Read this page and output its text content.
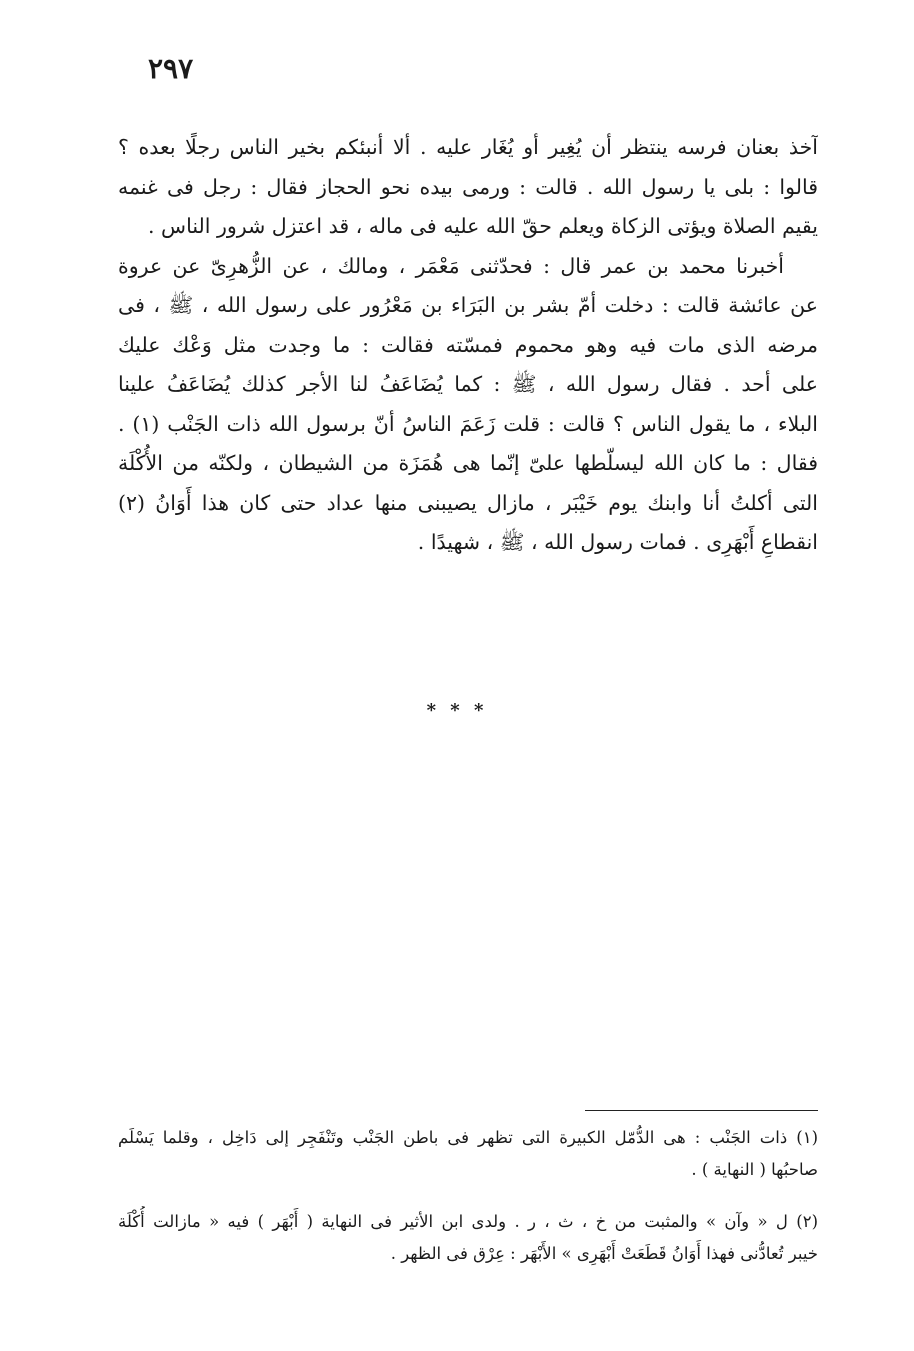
٢٩٧
آخذ بعنان فرسه ينتظر أن يُغِير أو يُغَار عليه . ألا أنبئكم بخير الناس رجلًا بعده ؟
قالوا : بلى يا رسول الله . قالت : ورمى بيده نحو الحجاز فقال : رجل فى غنمه
يقيم الصلاة ويؤتى الزكاة ويعلم حقّ الله عليه فى ماله ، قد اعتزل شرور الناس .
أخبرنا محمد بن عمر قال : فحدّثنى مَعْمَر ، ومالك ، عن الزُّهرِىّ عن عروة
عن عائشة قالت : دخلت أمّ بشر بن البَرَاء بن مَعْرُور على رسول الله ، ﷺ ، فى
مرضه الذى مات فيه وهو محموم فمسّته فقالت : ما وجدت مثل وَعْك عليك
على أحد . فقال رسول الله ، ﷺ : كما يُضَاعَفُ لنا الأجر كذلك يُضَاعَفُ علينا
البلاء ، ما يقول الناس ؟ قالت : قلت زَعَمَ الناسُ أنّ برسول الله ذات الجَنْب (١) .
فقال : ما كان الله ليسلّطها علىّ إنّما هى هُمَزَة من الشيطان ، ولكنّه من الأُكْلَة
التى أكلتُ أنا وابنك يوم خَيْبَر ، مازال يصيبنى منها عداد حتى كان هذا أَوَانُ (٢)
انقطاعِ أَبْهَرِى . فمات رسول الله ، ﷺ ، شهيدًا .
* * *
(١) ذات الجَنْب : هى الدُّمّل الكبيرة التى تظهر فى باطن الجَنْب وتَنْفَجِر إلى دَاخِل ، وقلما يَسْلَم
صاحبُها ( النهاية ) .
(٢) ل « وآن » والمثبت من خ ، ث ، ر . ولدى ابن الأثير فى النهاية ( أَبْهَر ) فيه « مازالت أُكْلَة
خيبر تُعادُّنى فهذا أَوَانُ قَطَعَتْ أَبْهَرِى » الأَبْهَر : عِرْق فى الظهر .
